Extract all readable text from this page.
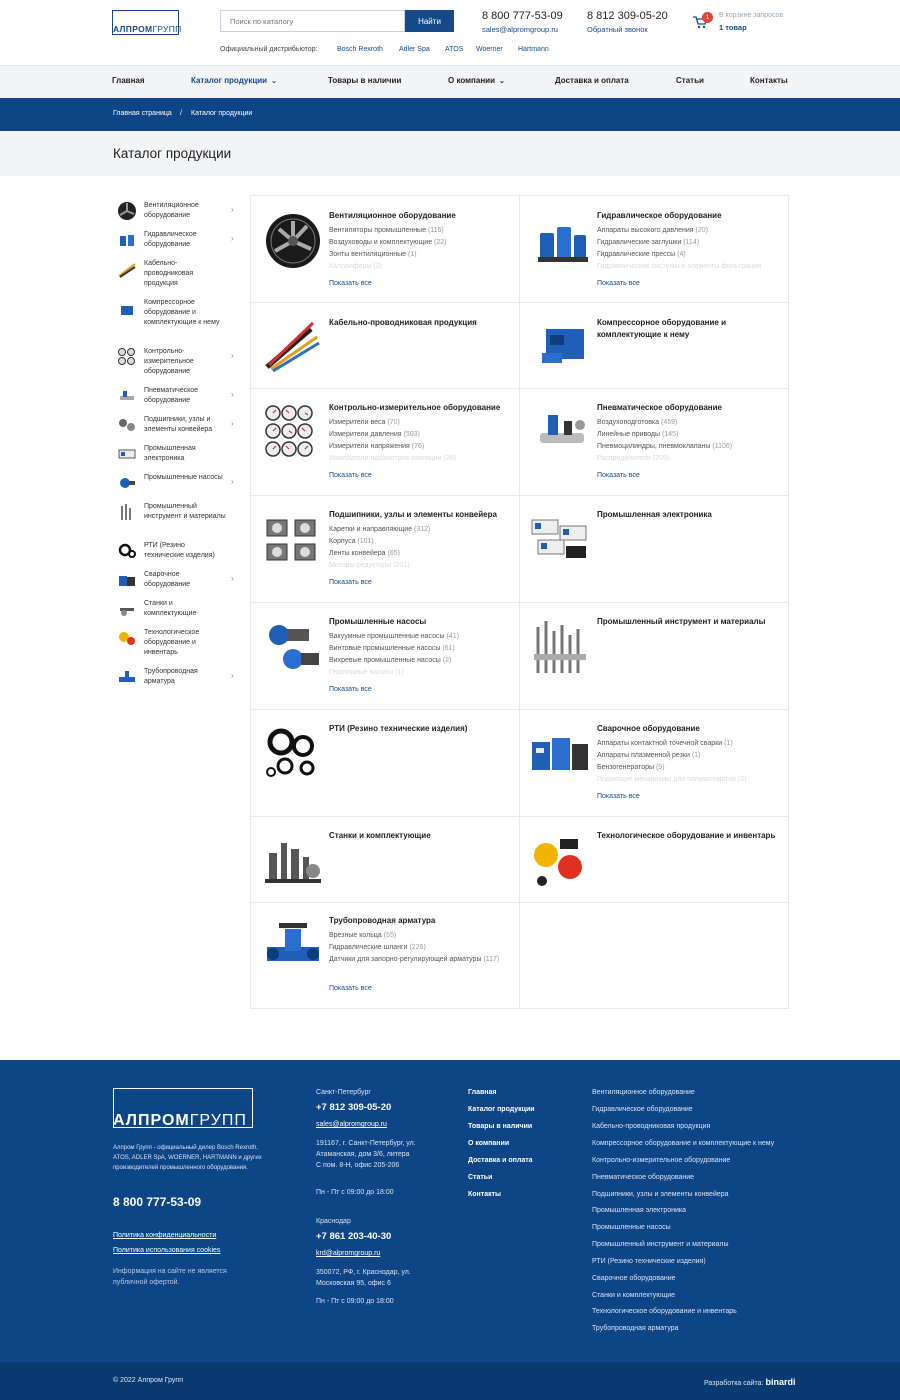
АЛПРОМГРУПП
Поиск по каталогу
Найти	8 800 777-53-09
sales@alpromgroup.ru
8 812 309-05-20
Обратный звонок
1	В корзине запросов
1 товар
Официальный дистрибьютор:	Bosch Rexroth Adler Spa ATOS Woerner Hartmann
Главная	Каталог продукции ⌄	Товары в наличии	О компании ⌄	Доставка и оплата	Статьи	Контакты
Главная страница / Каталог продукции
Каталог продукции
Вентиляционное оборудование
›
Гидравлическое оборудование
›
Кабельно-проводниковая продукция
Компрессорное оборудование и комплектующие к нему
Контрольно-измерительное оборудование
›
Пневматическое оборудование
›
Подшипники, узлы и элементы конвейера
›
Промышленная электроника
Промышленные насосы	›
Промышленный инструмент и материалы
РТИ (Резино технические изделия)
Сварочное оборудование
›
Станки и комплектующие
Технологическое оборудование и инвентарь
Трубопроводная арматура
›
Вентиляционное оборудование
Вентиляторы промышленные (116)
Воздуховоды и комплектующие (22)
Зонты вентиляционные (1)
Калориферы (2)
Показать все
Гидравлическое оборудование
Аппараты высокого давления (20)
Гидравлические заглушки (114)
Гидравлические прессы (4)
Гидравлические системы и элементы фильтрации
Показать все
Кабельно-проводниковая продукция	Компрессорное оборудование и комплектующие к нему
Контрольно-измерительное оборудование
Измерители веса (70)
Измерители давления (503)
Измерители напряжения (76)
Измерители параметров изоляции (28)
Показать все
Пневматическое оборудование
Воздухоподготовка (459)
Линейные приводы (145)
Пневмоцилиндры, пневмоклапаны (1106)
Распределители (205)
Показать все
Подшипники, узлы и элементы конвейера
Каретки и направляющие (312)
Корпуса (101)
Ленты конвейера (65)
Моторы-редукторы (201)
Показать все
Промышленная электроника
Промышленные насосы
Вакуумные промышленные насосы (41)
Винтовые промышленные насосы (61)
Вихревые промышленные насосы (2)
Героторные насосы (1)
Показать все
Промышленный инструмент и материалы
РТИ (Резино технические изделия)	Сварочное оборудование
Аппараты контактной точечной сварки (1)
Аппараты плазменной резки (1)
Бензогенераторы (9)
Подающие механизмы для полуавтоматов (2)
Показать все
Станки и комплектующие	Технологическое оборудование и инвентарь
Трубопроводная арматура
Врезные кольца (55)
Гидравлические шланги (226)
Датчики для запорно-регулирующей арматуры (117)
Показать все
АЛПРОМГРУПП
Алпром Групп - официальный дилер Bosch Rexroth, ATOS, ADLER SpA, WOERNER, HARTMANN и других производителей промышленного оборудования.
8 800 777-53-09
Политика конфиденциальности
Политика использования cookies
Информация на сайте не является публичной офертой.
Санкт-Петербург
+7 812 309-05-20
sales@alpromgroup.ru
191167, г. Санкт-Петербург, ул. Атаманская, дом 3/6, литера С пом. 8-Н, офис 205-206
Пн - Пт с 09:00 до 18:00
Краснодар
+7 861 203-40-30
krd@alpromgroup.ru
350072, РФ, г. Краснодар, ул. Московская 95, офис 6
Пн - Пт с 09:00 до 18:00
Главная
Каталог продукции
Товары в наличии
О компании
Доставка и оплата
Статьи
Контакты
Вентиляционное оборудование
Гидравлическое оборудование
Кабельно-проводниковая продукция
Компрессорное оборудование и комплектующие к нему
Контрольно-измерительное оборудование
Пневматическое оборудование
Подшипники, узлы и элементы конвейера
Промышленная электроника
Промышленные насосы
Промышленный инструмент и материалы
РТИ (Резино технические изделия)
Сварочное оборудование
Станки и комплектующие
Технологическое оборудование и инвентарь
Трубопроводная арматура
© 2022 Алпром Групп	Разработка сайта: binardi
